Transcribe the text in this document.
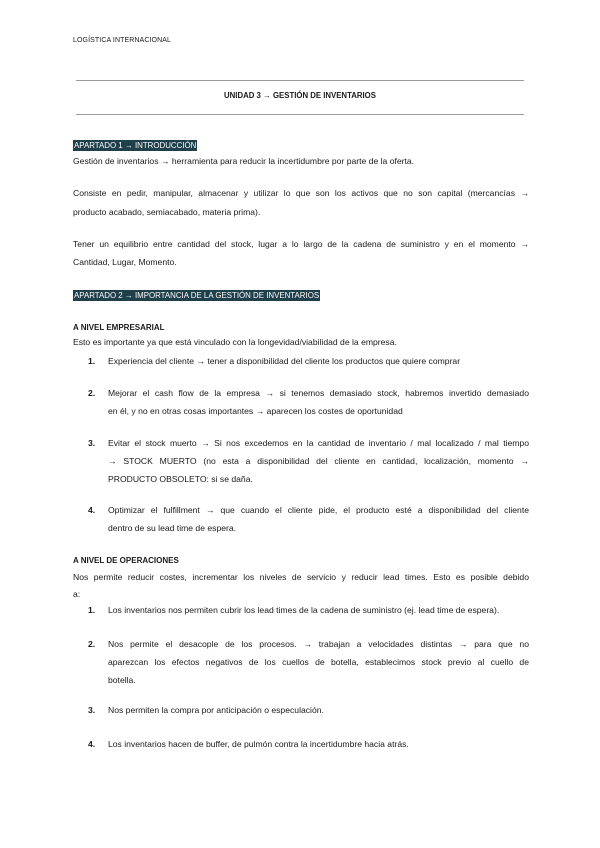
LOGÍSTICA INTERNACIONAL
UNIDAD 3 → GESTIÓN DE INVENTARIOS
APARTADO 1 → INTRODUCCIÓN
Gestión de inventarios → herramienta para reducir la incertidumbre por parte de la oferta.
Consiste en pedir, manipular, almacenar y utilizar lo que son los activos que no son capital (mercancías →
producto acabado, semiacabado, materia prima).
Tener un equilibrio entre cantidad del stock, lugar a lo largo de la cadena de suministro y en el momento →
Cantidad, Lugar, Momento.
APARTADO 2 → IMPORTANCIA DE LA GESTIÓN DE INVENTARIOS
A NIVEL EMPRESARIAL
Esto es importante ya que está vinculado con la longevidad/viabilidad de la empresa.
1.	Experiencia del cliente → tener a disponibilidad del cliente los productos que quiere comprar
2.	Mejorar el cash flow de la empresa → si tenemos demasiado stock, habremos invertido demasiado
en él, y no en otras cosas importantes → aparecen los costes de oportunidad
3.	Evitar el stock muerto → Si nos excedemos en la cantidad de inventario / mal localizado / mal tiempo
→ STOCK MUERTO (no esta a disponibilidad del cliente en cantidad, localización, momento →
PRODUCTO OBSOLETO: si se daña.
4.	Optimizar el fulfillment → que cuando el cliente pide, el producto esté a disponibilidad del cliente
dentro de su lead time de espera.
A NIVEL DE OPERACIONES
Nos permite reducir costes, incrementar los niveles de servicio y reducir lead times. Esto es posible debido
a:
1.	Los inventarios nos permiten cubrir los lead times de la cadena de suministro (ej. lead time de espera).
2.	Nos permite el desacople de los procesos. → trabajan a velocidades distintas → para que no
aparezcan los efectos negativos de los cuellos de botella, establecimos stock previo al cuello de
botella.
3.	Nos permiten la compra por anticipación o especulación.
4.	Los inventarios hacen de buffer, de pulmón contra la incertidumbre hacia atrás.
